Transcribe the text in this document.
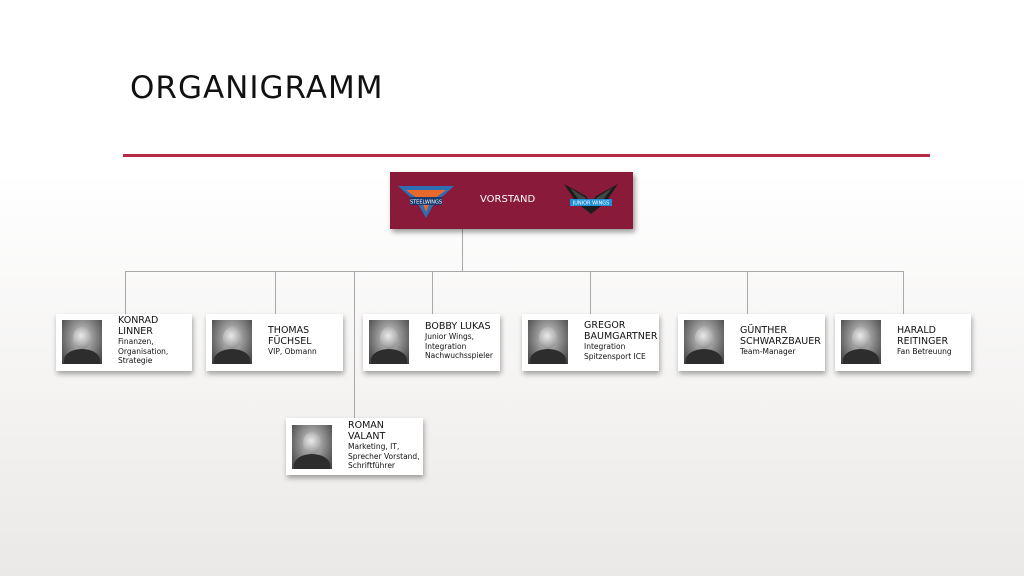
ORGANIGRAMM
STEELWINGS	VORSTAND	JUNIOR WINGS
KONRAD
LINNER
Finanzen,
Organisation,
Strategie
THOMAS
FÜCHSEL
VIP, Obmann
ROMAN
VALANT
Marketing, IT,
Sprecher Vorstand,
Schriftführer
BOBBY LUKAS
Junior Wings,
Integration
Nachwuchsspieler
GREGOR
BAUMGARTNER
Integration
Spitzensport ICE
GÜNTHER
SCHWARZBAUER
Team-Manager
HARALD
REITINGER
Fan Betreuung
